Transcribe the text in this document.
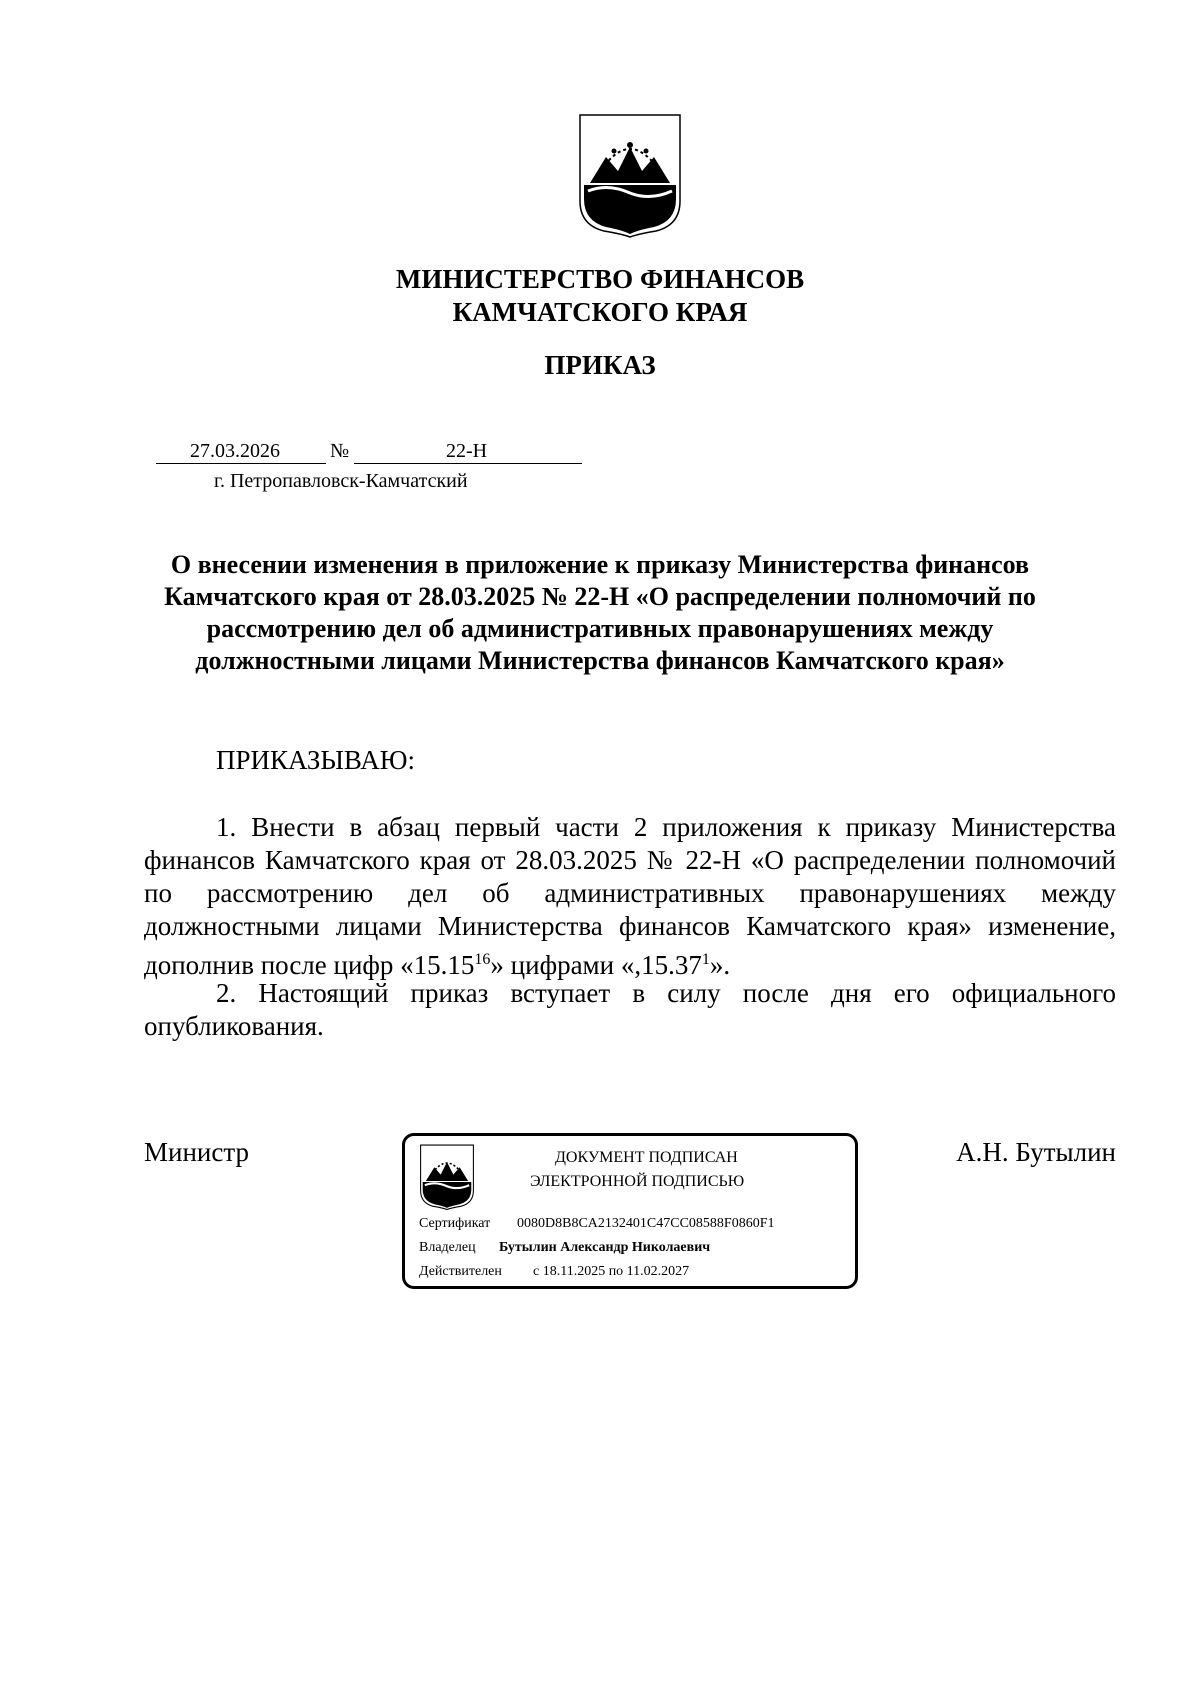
МИНИСТЕРСТВО ФИНАНСОВ
КАМЧАТСКОГО КРАЯ
ПРИКАЗ
27.03.2026	№	22-Н
г. Петропавловск-Камчатский
О внесении изменения в приложение к приказу Министерства финансов
Камчатского края от 28.03.2025 № 22-Н «О распределении полномочий по
рассмотрению дел об административных правонарушениях между
должностными лицами Министерства финансов Камчатского края»
ПРИКАЗЫВАЮ:
1. Внести в абзац первый части 2 приложения к приказу Министерства финансов Камчатского края от 28.03.2025 № 22-Н «О распределении полномочий по рассмотрению дел об административных правонарушениях между должностными лицами Министерства финансов Камчатского края» изменение, дополнив после цифр «15.15$^{16}$» цифрами «,15.37$^1$».
2. Настоящий приказ вступает в силу после дня его официального опубликования.
Министр	А.Н. Бутылин
ДОКУМЕНТ ПОДПИСАН
ЭЛЕКТРОННОЙ ПОДПИСЬЮ
Сертификат 0080D8B8CA2132401C47CC08588F0860F1
Владелец Бутылин Александр Николаевич
Действителен с 18.11.2025 по 11.02.2027
